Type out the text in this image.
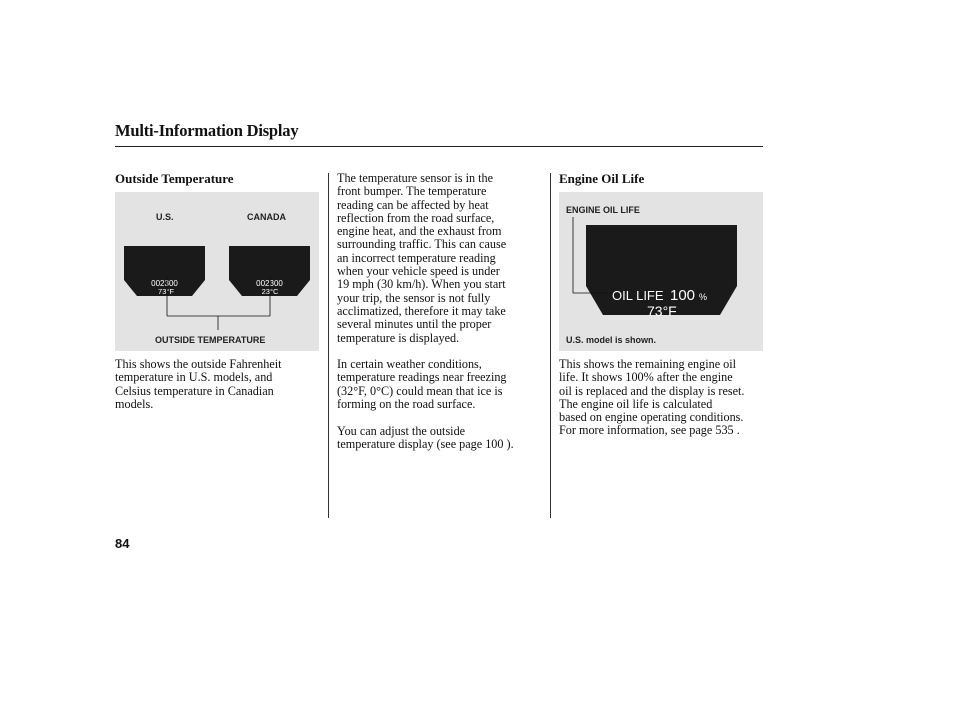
Multi-Information Display
Outside Temperature
U.S.	CANADA
002300
73°F
002300
23°C
OUTSIDE TEMPERATURE
This shows the outside Fahrenheit
temperature in U.S. models, and
Celsius temperature in Canadian
models.
The temperature sensor is in the
front bumper. The temperature
reading can be affected by heat
reflection from the road surface,
engine heat, and the exhaust from
surrounding traffic. This can cause
an incorrect temperature reading
when your vehicle speed is under
19 mph (30 km/h). When you start
your trip, the sensor is not fully
acclimatized, therefore it may take
several minutes until the proper
temperature is displayed.
In certain weather conditions,
temperature readings near freezing
(32°F, 0°C) could mean that ice is
forming on the road surface.
You can adjust the outside
temperature display (see page 100 ).
Engine Oil Life
ENGINE OIL LIFE
OIL LIFE 100 %
73°F
U.S. model is shown.
This shows the remaining engine oil
life. It shows 100% after the engine
oil is replaced and the display is reset.
The engine oil life is calculated
based on engine operating conditions.
For more information, see page 535 .
84
